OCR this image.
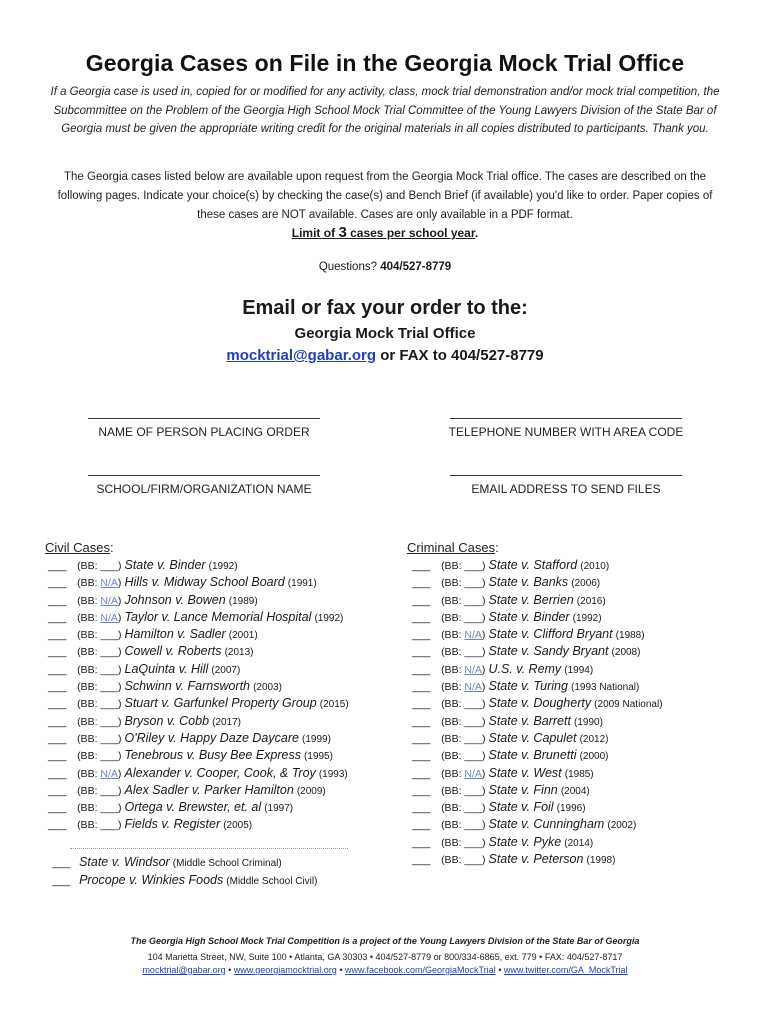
Georgia Cases on File in the Georgia Mock Trial Office
If a Georgia case is used in, copied for or modified for any activity, class, mock trial demonstration and/or mock trial competition, the Subcommittee on the Problem of the Georgia High School Mock Trial Committee of the Young Lawyers Division of the State Bar of Georgia must be given the appropriate writing credit for the original materials in all copies distributed to participants. Thank you.
The Georgia cases listed below are available upon request from the Georgia Mock Trial office. The cases are described on the following pages. Indicate your choice(s) by checking the case(s) and Bench Brief (if available) you'd like to order. Paper copies of these cases are NOT available. Cases are only available in a PDF format.
Limit of 3 cases per school year.
Questions? 404/527-8779
Email or fax your order to the:
Georgia Mock Trial Office
mocktrial@gabar.org or FAX to 404/527-8779
NAME OF PERSON PLACING ORDER	TELEPHONE NUMBER WITH AREA CODE
SCHOOL/FIRM/ORGANIZATION NAME	EMAIL ADDRESS TO SEND FILES
Civil Cases:	Criminal Cases:
___ (BB: ___) State v. Binder (1992)
___ (BB: N/A) Hills v. Midway School Board (1991)
___ (BB: N/A) Johnson v. Bowen (1989)
___ (BB: N/A) Taylor v. Lance Memorial Hospital (1992)
___ (BB: ___) Hamilton v. Sadler (2001)
___ (BB: ___) Cowell v. Roberts (2013)
___ (BB: ___) LaQuinta v. Hill (2007)
___ (BB: ___) Schwinn v. Farnsworth (2003)
___ (BB: ___) Stuart v. Garfunkel Property Group (2015)
___ (BB: ___) Bryson v. Cobb (2017)
___ (BB: ___) O'Riley v. Happy Daze Daycare (1999)
___ (BB: ___) Tenebrous v. Busy Bee Express (1995)
___ (BB: N/A) Alexander v. Cooper, Cook, & Troy (1993)
___ (BB: ___) Alex Sadler v. Parker Hamilton (2009)
___ (BB: ___) Ortega v. Brewster, et. al (1997)
___ (BB: ___) Fields v. Register (2005)
___ (BB: ___) State v. Stafford (2010)
___ (BB: ___) State v. Banks (2006)
___ (BB: ___) State v. Berrien (2016)
___ (BB: ___) State v. Binder (1992)
___ (BB: N/A) State v. Clifford Bryant (1988)
___ (BB: ___) State v. Sandy Bryant (2008)
___ (BB: N/A) U.S. v. Remy (1994)
___ (BB: N/A) State v. Turing (1993 National)
___ (BB: ___) State v. Dougherty (2009 National)
___ (BB: ___) State v. Barrett (1990)
___ (BB: ___) State v. Capulet (2012)
___ (BB: ___) State v. Brunetti (2000)
___ (BB: N/A) State v. West (1985)
___ (BB: ___) State v. Finn (2004)
___ (BB: ___) State v. Foil (1996)
___ (BB: ___) State v. Cunningham (2002)
___ (BB: ___) State v. Pyke (2014)
___ (BB: ___) State v. Peterson (1998)
___ State v. Windsor (Middle School Criminal)
___ Procope v. Winkies Foods (Middle School Civil)
The Georgia High School Mock Trial Competition is a project of the Young Lawyers Division of the State Bar of Georgia
104 Marietta Street, NW, Suite 100 • Atlanta, GA 30303 • 404/527-8779 or 800/334-6865, ext. 779 • FAX: 404/527-8717
mocktrial@gabar.org • www.georgiamocktrial.org • www.facebook.com/GeorgiaMockTrial • www.twitter.com/GA_MockTrial
